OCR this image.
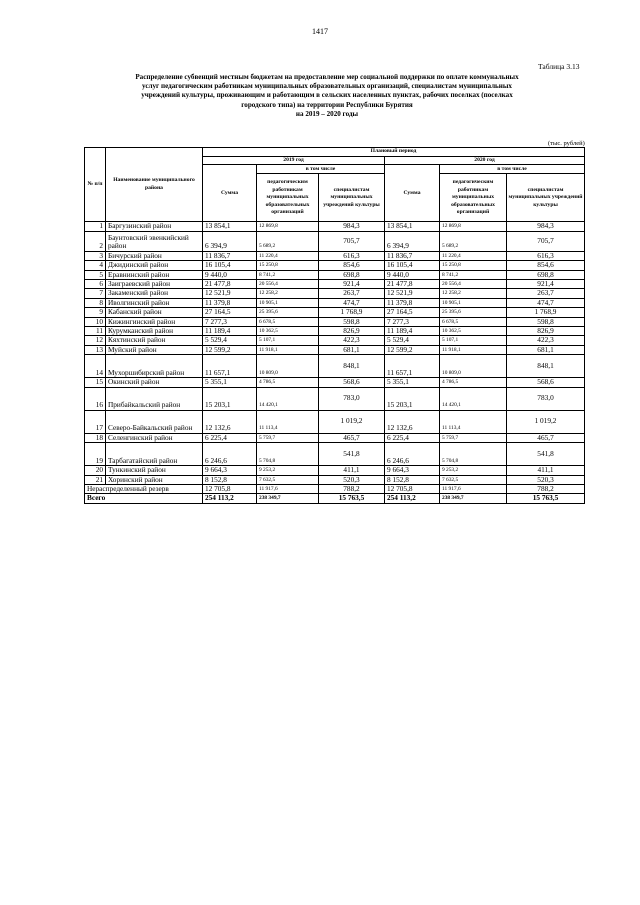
1417
Таблица 3.13
Распределение субвенций местным бюджетам на предоставление мер социальной поддержки по оплате коммунальных
услуг педагогическим работникам муниципальных образовательных организаций, специалистам муниципальных
учреждений культуры, проживающим и работающим в сельских населенных пунктах, рабочих поселках (поселках
городского типа) на территории Республики Бурятия
на 2019 – 2020 годы
(тыс. рублей)
№ п/п	Наименование муниципального района	Плановый период					
		2019 год			2020 год		
		Сумма	в том числе		Сумма	в том числе	
			педагогическим работникам муниципальных образовательных организаций	специалистам муниципальных учреждений культуры		педагогическим работникам муниципальных образовательных организаций	специалистам муниципальных учреждений культуры
1	Баргузинский район	13 854,1	12 869,8	984,3	13 854,1	12 869,8	984,3
2	Баунтовский эвенкийский район	6 394,9	5 689,2	705,7	6 394,9	5 689,2	705,7
3	Бичурский район	11 836,7	11 220,4	616,3	11 836,7	11 220,4	616,3
4	Джидинский район	16 105,4	15 250,8	854,6	16 105,4	15 250,8	854,6
5	Еравнинский район	9 440,0	8 741,2	698,8	9 440,0	8 741,2	698,8
6	Заиграевский район	21 477,8	20 556,4	921,4	21 477,8	20 556,4	921,4
7	Закаменский район	12 521,9	12 258,2	263,7	12 521,9	12 258,2	263,7
8	Иволгинский район	11 379,8	10 905,1	474,7	11 379,8	10 905,1	474,7
9	Кабанский район	27 164,5	25 395,6	1 768,9	27 164,5	25 395,6	1 768,9
10	Кижингинский район	7 277,3	6 678,5	598,8	7 277,3	6 678,5	598,8
11	Курумканский район	11 189,4	10 362,5	826,9	11 189,4	10 362,5	826,9
12	Кяхтинский район	5 529,4	5 107,1	422,3	5 529,4	5 107,1	422,3
13	Муйский район	12 599,2	11 918,1	681,1	12 599,2	11 918,1	681,1
14	Мухоршибирский район	11 657,1	10 809,0	848,1	11 657,1	10 809,0	848,1
15	Окинский район	5 355,1	4 786,5	568,6	5 355,1	4 786,5	568,6
16	Прибайкальский район	15 203,1	14 420,1	783,0	15 203,1	14 420,1	783,0
17	Северо-Байкальский район	12 132,6	11 113,4	1 019,2	12 132,6	11 113,4	1 019,2
18	Селенгинский район	6 225,4	5 759,7	465,7	6 225,4	5 759,7	465,7
19	Тарбагатайский район	6 246,6	5 704,8	541,8	6 246,6	5 704,8	541,8
20	Тункинский район	9 664,3	9 253,2	411,1	9 664,3	9 253,2	411,1
21	Хоринский район	8 152,8	7 632,5	520,3	8 152,8	7 632,5	520,3
Нераспределенный резерв		12 705,8	11 917,6	788,2	12 705,8	11 917,6	788,2
Всего		254 113,2	238 349,7	15 763,5	254 113,2	238 349,7	15 763,5
